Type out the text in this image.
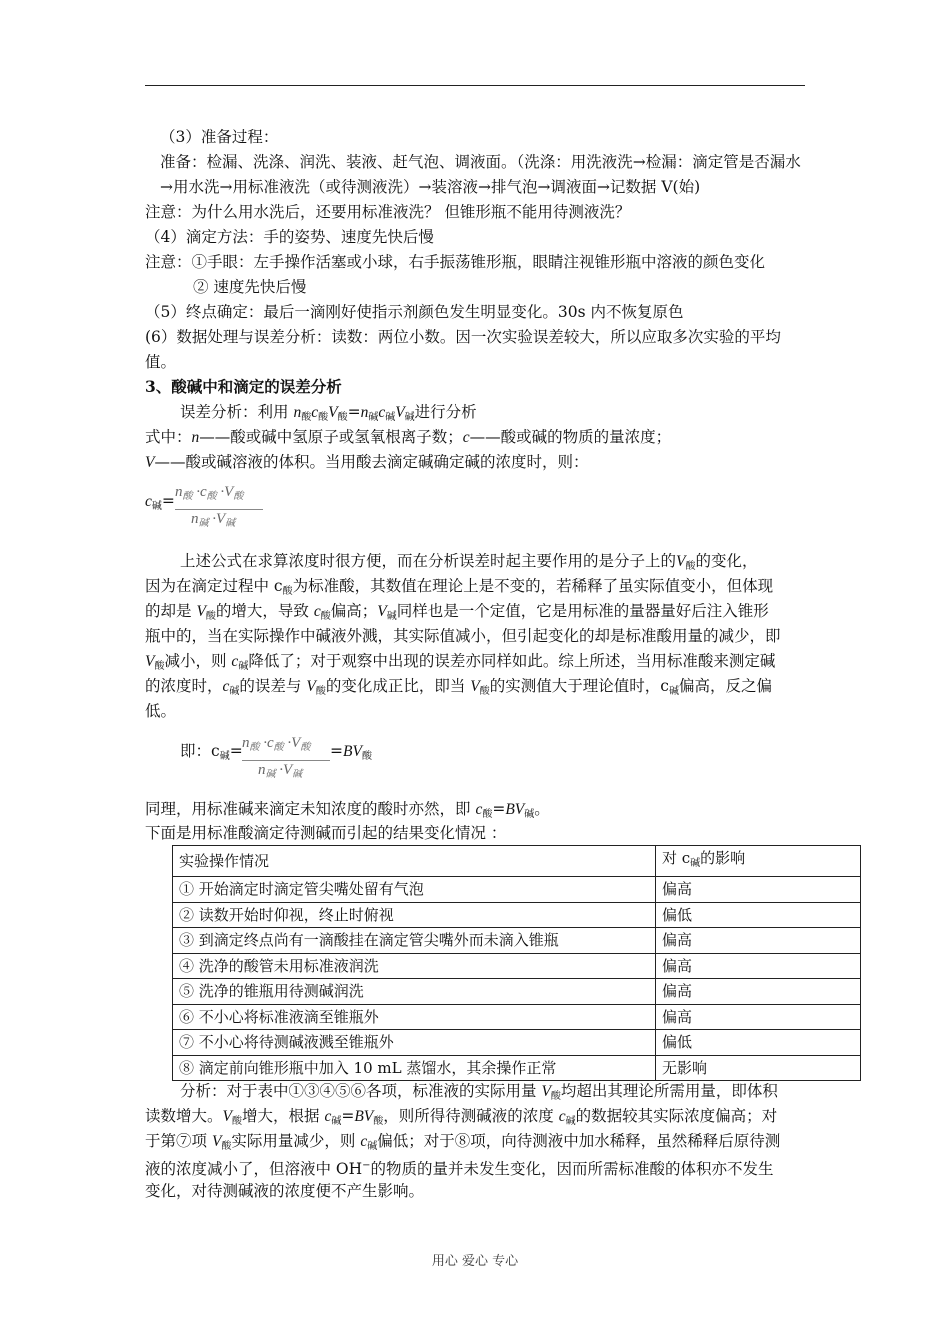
（3）准备过程：
准备：检漏、洗涤、润洗、装液、赶气泡、调液面。（洗涤：用洗液洗→检漏：滴定管是否漏水
→用水洗→用标准液洗（或待测液洗）→装溶液→排气泡→调液面→记数据 V(始)
注意：为什么用水洗后，还要用标准液洗？ 但锥形瓶不能用待测液洗？
（4）滴定方法：手的姿势、速度先快后慢
注意：①手眼：左手操作活塞或小球，右手振荡锥形瓶，眼睛注视锥形瓶中溶液的颜色变化
② 速度先快后慢
（5）终点确定：最后一滴刚好使指示剂颜色发生明显变化。30s 内不恢复原色
(6）数据处理与误差分析：读数：两位小数。因一次实验误差较大，所以应取多次实验的平均
值。
3、酸碱中和滴定的误差分析
误差分析：利用 $n_酸c_酸V_酸=n_碱c_碱V_碱$进行分析
式中：n——酸或碱中氢原子或氢氧根离子数；c——酸或碱的物质的量浓度；
V——酸或碱溶液的体积。当用酸去滴定碱确定碱的浓度时，则：
$c_碱= n_酸 \cdot c_酸 \cdot V_酸$
$n_碱 \cdot V_碱$
上述公式在求算浓度时很方便，而在分析误差时起主要作用的是分子上的$V_酸$的变化，
因为在滴定过程中 $c_酸$为标准酸，其数值在理论上是不变的，若稀释了虽实际值变小，但体现
的却是 $V_酸$的增大，导致 $c_酸$偏高；$V_碱$同样也是一个定值，它是用标准的量器量好后注入锥形
瓶中的，当在实际操作中碱液外溅，其实际值减小，但引起变化的却是标准酸用量的减少，即
$V_酸$减小，则 $c_碱$降低了；对于观察中出现的误差亦同样如此。综上所述，当用标准酸来测定碱
的浓度时，$c_碱$的误差与 $V_酸$的变化成正比，即当 $V_酸$的实测值大于理论值时，$c_碱$偏高，反之偏
低。
即：$c_碱= n_酸 \cdot c_酸 \cdot V_酸$
$n_碱 \cdot V_碱$
$=BV_酸$
同理，用标准碱来滴定未知浓度的酸时亦然，即 $c_酸=BV_碱$。
下面是用标准酸滴定待测碱而引起的结果变化情况 ：
实验操作情况	对 $c_碱$的影响
① 开始滴定时滴定管尖嘴处留有气泡	偏高
② 读数开始时仰视，终止时俯视	偏低
③ 到滴定终点尚有一滴酸挂在滴定管尖嘴外而未滴入锥瓶	偏高
④ 洗净的酸管未用标准液润洗	偏高
⑤ 洗净的锥瓶用待测碱润洗	偏高
⑥ 不小心将标准液滴至锥瓶外	偏高
⑦ 不小心将待测碱液溅至锥瓶外	偏低
⑧ 滴定前向锥形瓶中加入 10 mL 蒸馏水，其余操作正常	无影响
分析：对于表中①③④⑤⑥各项，标准液的实际用量 $V_酸$均超出其理论所需用量，即体积
读数增大。$V_酸$增大，根据 $c_碱=BV_酸$，则所得待测碱液的浓度 $c_碱$的数据较其实际浓度偏高；对
于第⑦项 $V_酸$实际用量减少，则 $c_碱$偏低；对于⑧项，向待测液中加水稀释，虽然稀释后原待测
液的浓度减小了，但溶液中 OH−的物质的量并未发生变化，因而所需标准酸的体积亦不发生
变化，对待测碱液的浓度便不产生影响。
用心 爱心 专心
